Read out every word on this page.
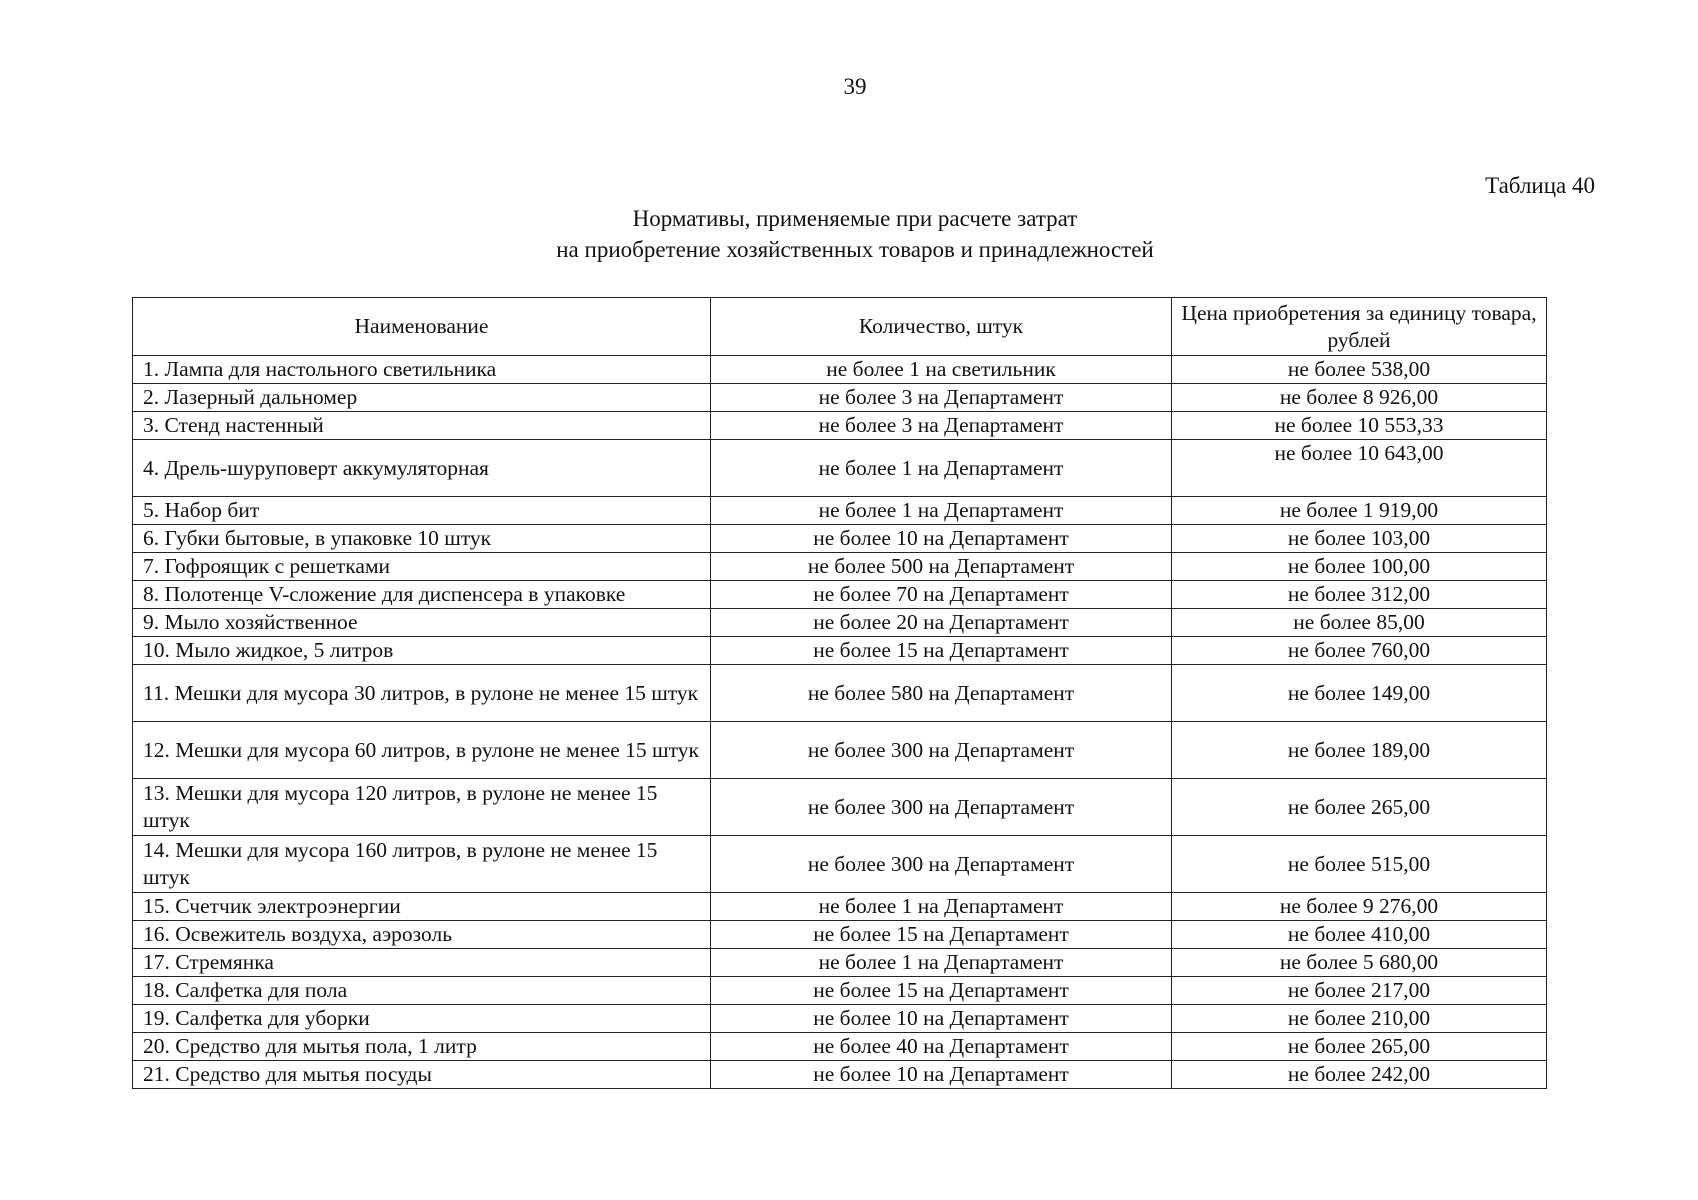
39
Таблица 40
Нормативы, применяемые при расчете затрат
на приобретение хозяйственных товаров и принадлежностей
Наименование	Количество, штук	Цена приобретения за единицу товара, рублей
1. Лампа для настольного светильника	не более 1 на светильник	не более 538,00
2. Лазерный дальномер	не более 3 на Департамент	не более 8 926,00
3. Стенд настенный	не более 3 на Департамент	не более 10 553,33
4. Дрель-шуруповерт аккумуляторная	не более 1 на Департамент	не более 10 643,00
5. Набор бит	не более 1 на Департамент	не более 1 919,00
6. Губки бытовые, в упаковке 10 штук	не более 10 на Департамент	не более 103,00
7. Гофроящик с решетками	не более 500 на Департамент	не более 100,00
8. Полотенце V-сложение для диспенсера в упаковке	не более 70 на Департамент	не более 312,00
9. Мыло хозяйственное	не более 20 на Департамент	не более 85,00
10. Мыло жидкое, 5 литров	не более 15 на Департамент	не более 760,00
11. Мешки для мусора 30 литров, в рулоне не менее 15 штук	не более 580 на Департамент	не более 149,00
12. Мешки для мусора 60 литров, в рулоне не менее 15 штук	не более 300 на Департамент	не более 189,00
13. Мешки для мусора 120 литров, в рулоне не менее 15 штук	не более 300 на Департамент	не более 265,00
14. Мешки для мусора 160 литров, в рулоне не менее 15 штук	не более 300 на Департамент	не более 515,00
15. Счетчик электроэнергии	не более 1 на Департамент	не более 9 276,00
16. Освежитель воздуха, аэрозоль	не более 15 на Департамент	не более 410,00
17. Стремянка	не более 1 на Департамент	не более 5 680,00
18. Салфетка для пола	не более 15 на Департамент	не более 217,00
19. Салфетка для уборки	не более 10 на Департамент	не более 210,00
20. Средство для мытья пола, 1 литр	не более 40 на Департамент	не более 265,00
21. Средство для мытья посуды	не более 10 на Департамент	не более 242,00
